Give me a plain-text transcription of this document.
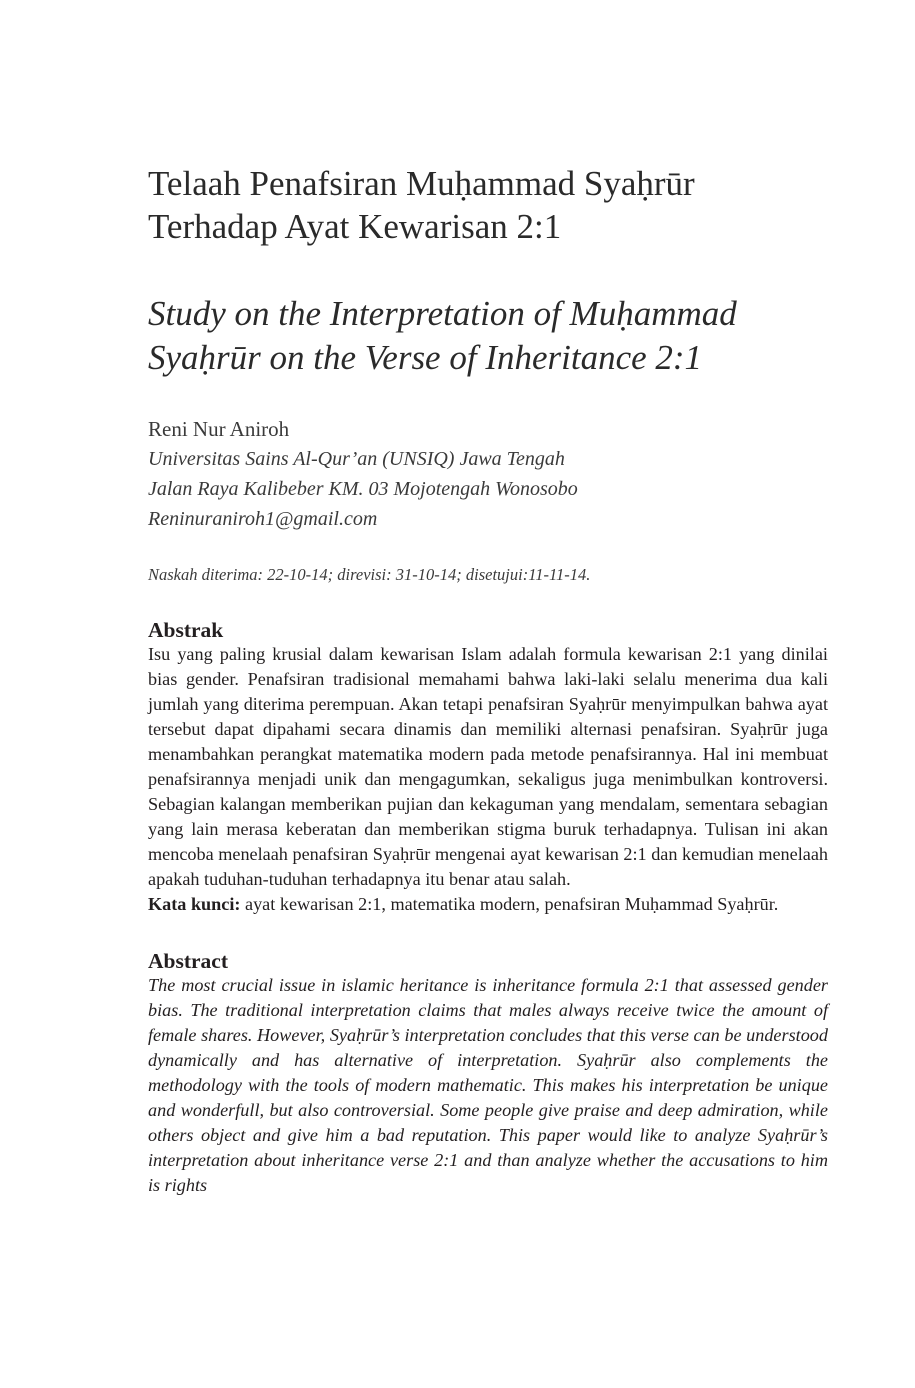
Telaah Penafsiran Muḥammad Syaḥrūr
Terhadap Ayat Kewarisan 2:1
Study on the Interpretation of Muḥammad
Syaḥrūr on the Verse of Inheritance 2:1
Reni Nur Aniroh
Universitas Sains Al-Qur’an (UNSIQ) Jawa Tengah
Jalan Raya Kalibeber KM. 03 Mojotengah Wonosobo
Reninuraniroh1@gmail.com
Naskah diterima: 22-10-14; direvisi: 31-10-14; disetujui:11-11-14.
Abstrak

Isu yang paling krusial dalam kewarisan Islam adalah formula kewarisan 2:1 yang dinilai bias gender. Penafsiran tradisional memahami bahwa laki-laki selalu menerima dua kali jumlah yang diterima perempuan. Akan tetapi penafsiran Syaḥrūr menyimpulkan bahwa ayat tersebut dapat dipahami secara dinamis dan memiliki alternasi penafsiran. Syaḥrūr juga menambahkan perangkat matematika modern pada metode penafsirannya. Hal ini membuat penafsirannya menjadi unik dan mengagumkan, sekaligus juga menimbulkan kontroversi. Sebagian kalangan memberikan pujian dan kekaguman yang mendalam, sementara sebagian yang lain merasa keberatan dan memberikan stigma buruk terhadapnya. Tulisan ini akan mencoba menelaah penafsiran Syaḥrūr mengenai ayat kewarisan 2:1 dan kemudian menelaah apakah tuduhan-tuduhan terhadapnya itu benar atau salah.
Kata kunci: ayat kewarisan 2:1, matematika modern, penafsiran Muḥammad Syaḥrūr.

Abstract

The most crucial issue in islamic heritance is inheritance formula 2:1 that assessed gender bias. The traditional interpretation claims that males always receive twice the amount of female shares. However, Syaḥrūr’s interpretation concludes that this verse can be understood dynamically and has alternative of interpretation. Syaḥrūr also complements the methodology with the tools of modern mathematic. This makes his interpretation be unique and wonderfull, but also controversial. Some people give praise and deep admiration, while others object and give him a bad reputation. This paper would like to analyze Syaḥrūr’s interpretation about inheritance verse 2:1 and than analyze whether the accusations to him is rights
